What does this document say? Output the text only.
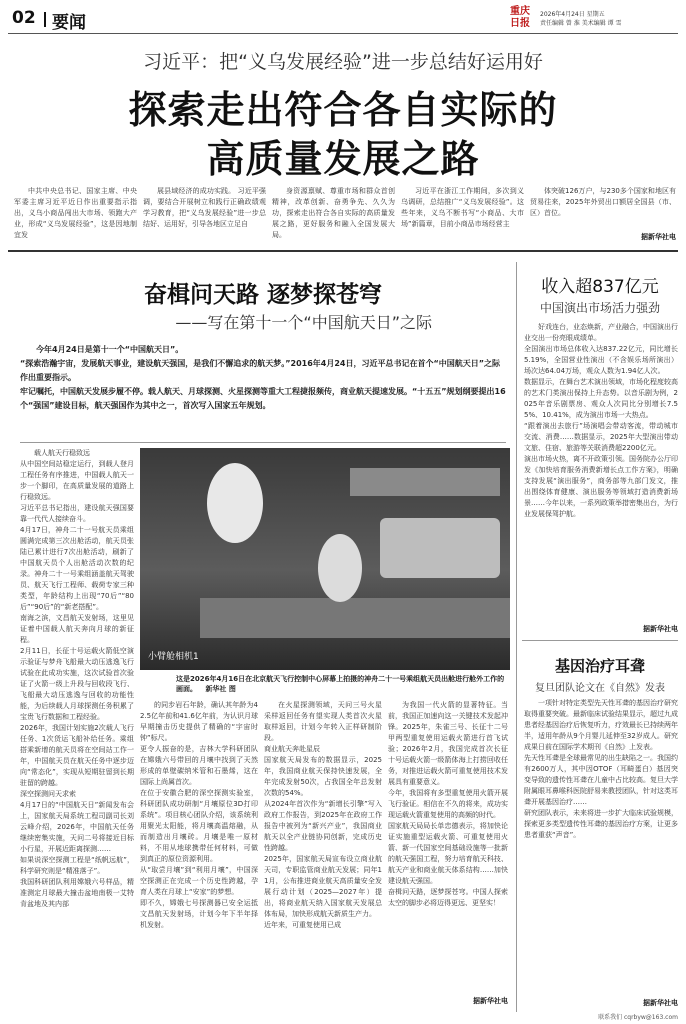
02 要闻
重庆日报
2026年4月24日 星期五
责任编辑 曾 淮 美术编辑 谭 雪
习近平：把“义乌发展经验”进一步总结好运用好
探索走出符合各自实际的
高质量发展之路

中共中央总书记、国家主席、中央军委主席习近平近日作出重要指示指出，义乌小商品闯出大市场、领跑大产业，形成“义乌发展经验”，这是因地制宜发

展县域经济的成功实践。 习近平强调，要结合开展树立和践行正确政绩观学习教育，把“义乌发展经验”进一步总结好、运用好，引导各地区立足自

身资源禀赋、尊重市场和群众首创精神，改革创新、奋勇争先、久久为功，探索走出符合各自实际的高质量发展之路，更好服务和融入全国发展大局。

习近平在浙江工作期间，多次到义乌调研，总结推广“义乌发展经验”。这些年来，义乌不断书写“小商品、大市场”新篇章，目前小商品市场经营主

体突破126万户，与230多个国家和地区有贸易往来，2025年外贸出口额居全国县（市、区）首位。

据新华社电
奋楫问天路 逐梦探苍穹
——写在第十一个“中国航天日”之际
今年4月24日是第十一个“中国航天日”。
“探索浩瀚宇宙，发展航天事业，建设航天强国，是我们不懈追求的航天梦。”2016年4月24日，习近平总书记在首个“中国航天日”之际作出重要指示。
牢记嘱托，中国航天发展步履不停。载人航天、月球探测、火星探测等重大工程捷报频传，商业航天提速发展。“十五五”规划纲要提出16个“强国”建设目标，航天强国作为其中之一，首次写入国家五年规划。
载人航天行稳致远
从中国空间站稳定运行，到载人登月工程任务有序推进，中国载人航天一步一个脚印，在高质量发展的道路上行稳致远。
习近平总书记指出，建设航天强国要靠一代代人接续奋斗。
4月17日，神舟二十一号航天员乘组圆满完成第三次出舱活动，航天员张陆已累计进行7次出舱活动，刷新了中国航天员个人出舱活动次数的纪录。神舟二十一号乘组涵盖航天驾驶员、航天飞行工程师、载荷专家三种类型，年龄结构上出现“70后”“80后”“90后”的“新老搭配”。
南海之滨，文昌航天发射场，这里见证着中国载人航天奔向月球的新征程。
2月11日，长征十号运载火箭低空演示验证与梦舟飞船最大动压逃逸飞行试验在此成功实施，这次试验首次验证了火箭一级上升段与回收段飞行、飞船最大动压逃逸与回收的功能性能，为后续载人月球探测任务积累了宝贵飞行数据和工程经验。
2026年，我国计划实施2次载人飞行任务、1次货运飞船补给任务。乘组搭乘新增的航天员将在空间站工作一年，中国航天员在航天任务中逐步迈向“常态化”，实现从短期驻留到长期驻留的跨越。
深空探测问天求索
4月17日的“中国航天日”新闻发布会上，国家航天局系统工程司副司长刘云峰介绍，2026年，中国航天任务继续密集实施，天问二号将接近目标小行星，开展近距离探测……
如果说深空探测工程是“纸帆远航”，科学研究则是“精准落子”。
我国科研团队利用嫦娥六号样品，精准测定月球最大撞击盆地南极一艾特肯盆地及其内部
小臂舱相机1
这是2026年4月16日在北京航天飞行控制中心屏幕上拍摄的神舟二十一号乘组航天员出舱进行舱外工作的画面。 新华社 图
的同步岩石年龄，确认其年龄为42.5亿年前和41.6亿年前，为认识月球早期撞击历史提供了精确的“宇宙时钟”标尺。
更令人振奋的是，吉林大学科研团队在嫦娥六号带回的月壤中找到了天然形成的单壁碳纳米管和石墨烯，这在国际上尚属首次。
在位于安徽合肥的深空探测实验室，科研团队成功研制“月壤原位3D打印系统”。项目核心团队介绍，该系统利用聚光太阳能，将月壤高温熔融，从而制造出月壤砖。月壤是唯一原材料，不用从地球携带任何材料，可做到真正的原位资源利用。
从“取尝月壤”到“利用月壤”，中国深空探测正在完成一个历史性跨越，孕育人类在月球上“安家”的梦想。
即不久，嫦娥七号探测器已安全运抵文昌航天发射场，计划今年下半年择机发射。
在火星探测领域，天问三号火星采样返回任务有望实现人类首次火星取样返回，计划今年转入正样研制阶段。
商业航天奔赴星辰
国家航天局发布的数据显示，2025年，我国商业航天保持快速发展，全年完成发射50次，占我国全年总发射次数的54%。
从2024年首次作为“新增长引擎”写入政府工作报告，到2025年在政府工作报告中被列为“新兴产业”，我国商业航天以全产业链协同创新，完成历史性跨越。
2025年，国家航天局宣布设立商业航天司，专职监管商业航天发展；同年11月，公布推进商业航天高质量安全发展行动计划（2025—2027年）提出，将商业航天纳入国家航天发展总体布局，加快形成航天新质生产力。
近年来，可重复使用已成
为我国一代火箭的显著特征。当前，我国正加速向这一关键技术发起冲锋。2025年，朱雀三号、长征十二号甲两型重复使用运载火箭进行首飞试验；2026年2月，我国完成首次长征十号运载火箭一级箭体海上打捞回收任务，对推进运载火箭可重复使用技术发展具有重要意义。
今年，我国将有多型重复使用火箭开展飞行验证。相信在不久的将来，成功实现运载火箭重复使用的高频的时代。
国家航天局局长单忠德表示，将加快论证实施重型运载火箭、可重复使用火箭、新一代国家空间基础设施等一批新的航天强国工程，努力培育航天科技、航天产业和商业航天体系结构……加快建设航天强国。
奋楫问天路，逐梦探苍穹。中国人探索太空的脚步必将迈得更远、更坚实！
据新华社电
收入超837亿元
中国演出市场活力强劲
好戏连台，业态焕新，产业融合，中国演出行业交出一份亮眼成绩单。
全国演出市场总体收入达837.22亿元，同比增长5.19%，全国营业性演出（不含娱乐场所演出）场次达64.04万场，观众人数为1.94亿人次。
数据显示，在舞台艺术演出领域，市场化程度较高的艺术门类演出保持上升态势。以音乐剧为例，2025年音乐剧票房、观众人次同比分别增长7.55%、10.41%，成为演出市场一大热点。
“跟着演出去旅行”场演唱会带动客流，带动城市交流、消费……数据显示，2025年大型演出带动文旅、住宿、旅游等关联消费超2200亿元。
演出市场火热，离不开政策引领。国务院办公厅印发《加快培育服务消费新增长点工作方案》，明确支持发展“演出服务”，商务部等九部门发文，推出围绕体育健康、演出服务等领域打造消费新场景……今年以来，一系列政策举措密集出台，为行业发展保驾护航。
据新华社电
基因治疗耳聋
复旦团队论文在《自然》发表
一项针对特定类型先天性耳聋的基因治疗研究取得重要突破。最新临床试验结果显示，超过九成患者经基因治疗后恢复听力，疗效最长已持续两年半，适用年龄从9个月婴儿延伸至32岁成人。研究成果日前在国际学术期刊《自然》上发表。
先天性耳聋是全球最常见的出生缺陷之一。我国约有2600万人，其中因OTOF（耳畸蛋白）基因突变导致的遗传性耳聋在儿童中占比较高。复旦大学附属眼耳鼻喉科医院舒易来教授团队，针对这类耳聋开展基因治疗……
研究团队表示，未来将进一步扩大临床试验规模，探索更多类型遗传性耳聋的基因治疗方案，让更多患者重获“声音”。
据新华社电
联系我们 cqrbyw@163.com
